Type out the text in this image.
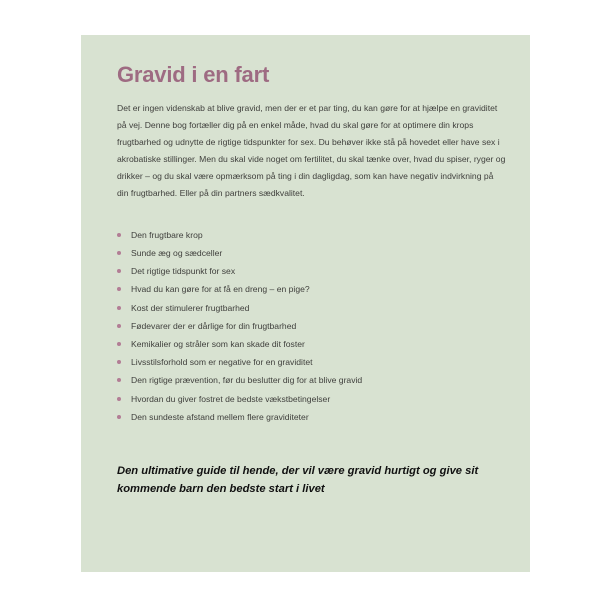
Gravid i en fart

Det er ingen videnskab at blive gravid, men der er et par ting, du kan gøre for at hjælpe en graviditet på vej. Denne bog fortæller dig på en enkel måde, hvad du skal gøre for at optimere din krops frugtbarhed og udnytte de rigtige tidspunkter for sex. Du behøver ikke stå på hovedet eller have sex i akrobatiske stillinger. Men du skal vide noget om fertilitet, du skal tænke over, hvad du spiser, ryger og drikker – og du skal være opmærksom på ting i din dagligdag, som kan have negativ indvirkning på din frugtbarhed. Eller på din partners sædkvalitet.

Den frugtbare krop
Sunde æg og sædceller
Det rigtige tidspunkt for sex
Hvad du kan gøre for at få en dreng – en pige?
Kost der stimulerer frugtbarhed
Fødevarer der er dårlige for din frugtbarhed
Kemikalier og stråler som kan skade dit foster
Livsstilsforhold som er negative for en graviditet
Den rigtige prævention, før du beslutter dig for at blive gravid
Hvordan du giver fostret de bedste vækstbetingelser
Den sundeste afstand mellem flere graviditeter

Den ultimative guide til hende, der vil være gravid hurtigt og give sit kommende barn den bedste start i livet
